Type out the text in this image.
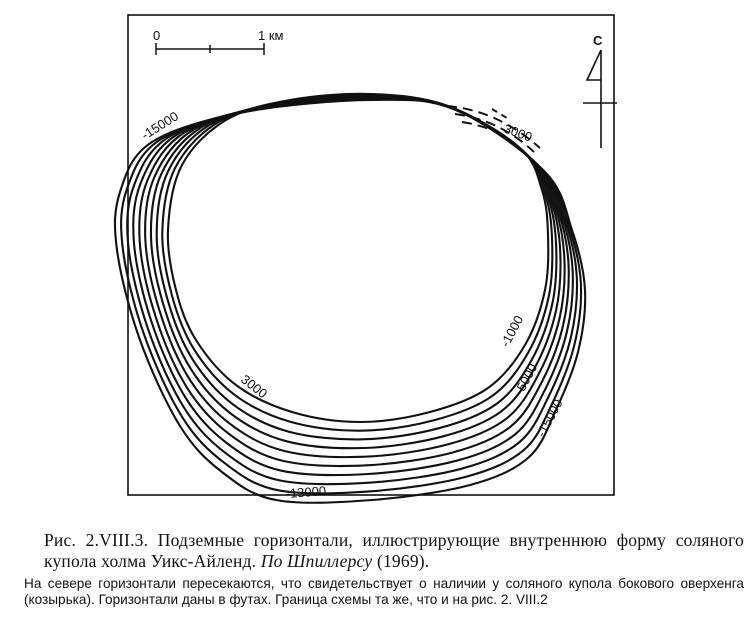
0	1 км	С
-15000	3000
-1000
-5000
-15000
3000
-13000
Рис. 2.VIII.3. Подземные горизонтали, иллюстрирующие внутреннюю форму соляного купола холма Уикс-Айленд. По Шпиллерсу (1969).
На севере горизонтали пересекаются, что свидетельствует о наличии у соляного купола бокового оверхенга (козырька). Горизонтали даны в футах. Граница схемы та же, что и на рис. 2. VIII.2
